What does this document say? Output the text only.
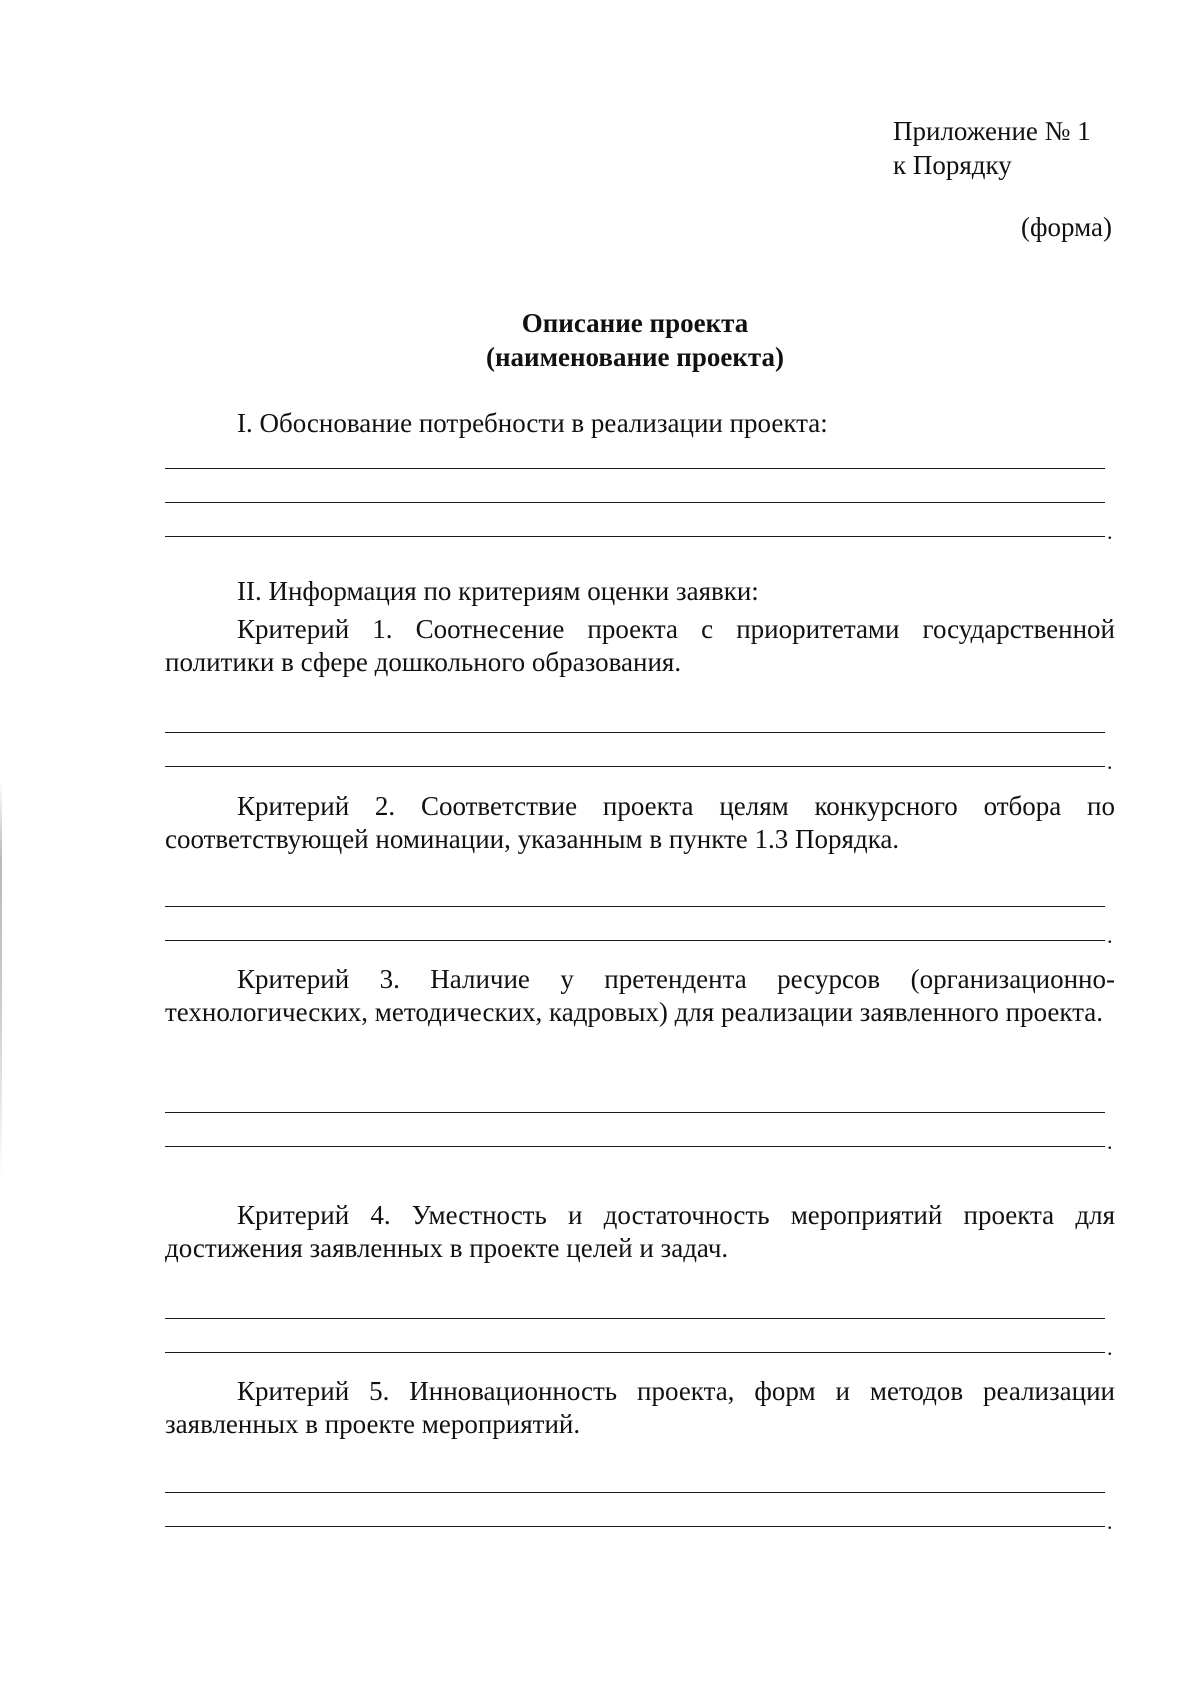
Приложение № 1
к Порядку
(форма)
Описание проекта
(наименование проекта)
I. Обоснование потребности в реализации проекта:
.
II. Информация по критериям оценки заявки:
Критерий 1. Соотнесение проекта с приоритетами государственной политики в сфере дошкольного образования.
.
Критерий 2. Соответствие проекта целям конкурсного отбора по соответствующей номинации, указанным в пункте 1.3 Порядка.
.
Критерий 3. Наличие у претендента ресурсов (организационно-технологических, методических, кадровых) для реализации заявленного проекта.
.
Критерий 4. Уместность и достаточность мероприятий проекта для достижения заявленных в проекте целей и задач.
.
Критерий 5. Инновационность проекта, форм и методов реализации заявленных в проекте мероприятий.
.
